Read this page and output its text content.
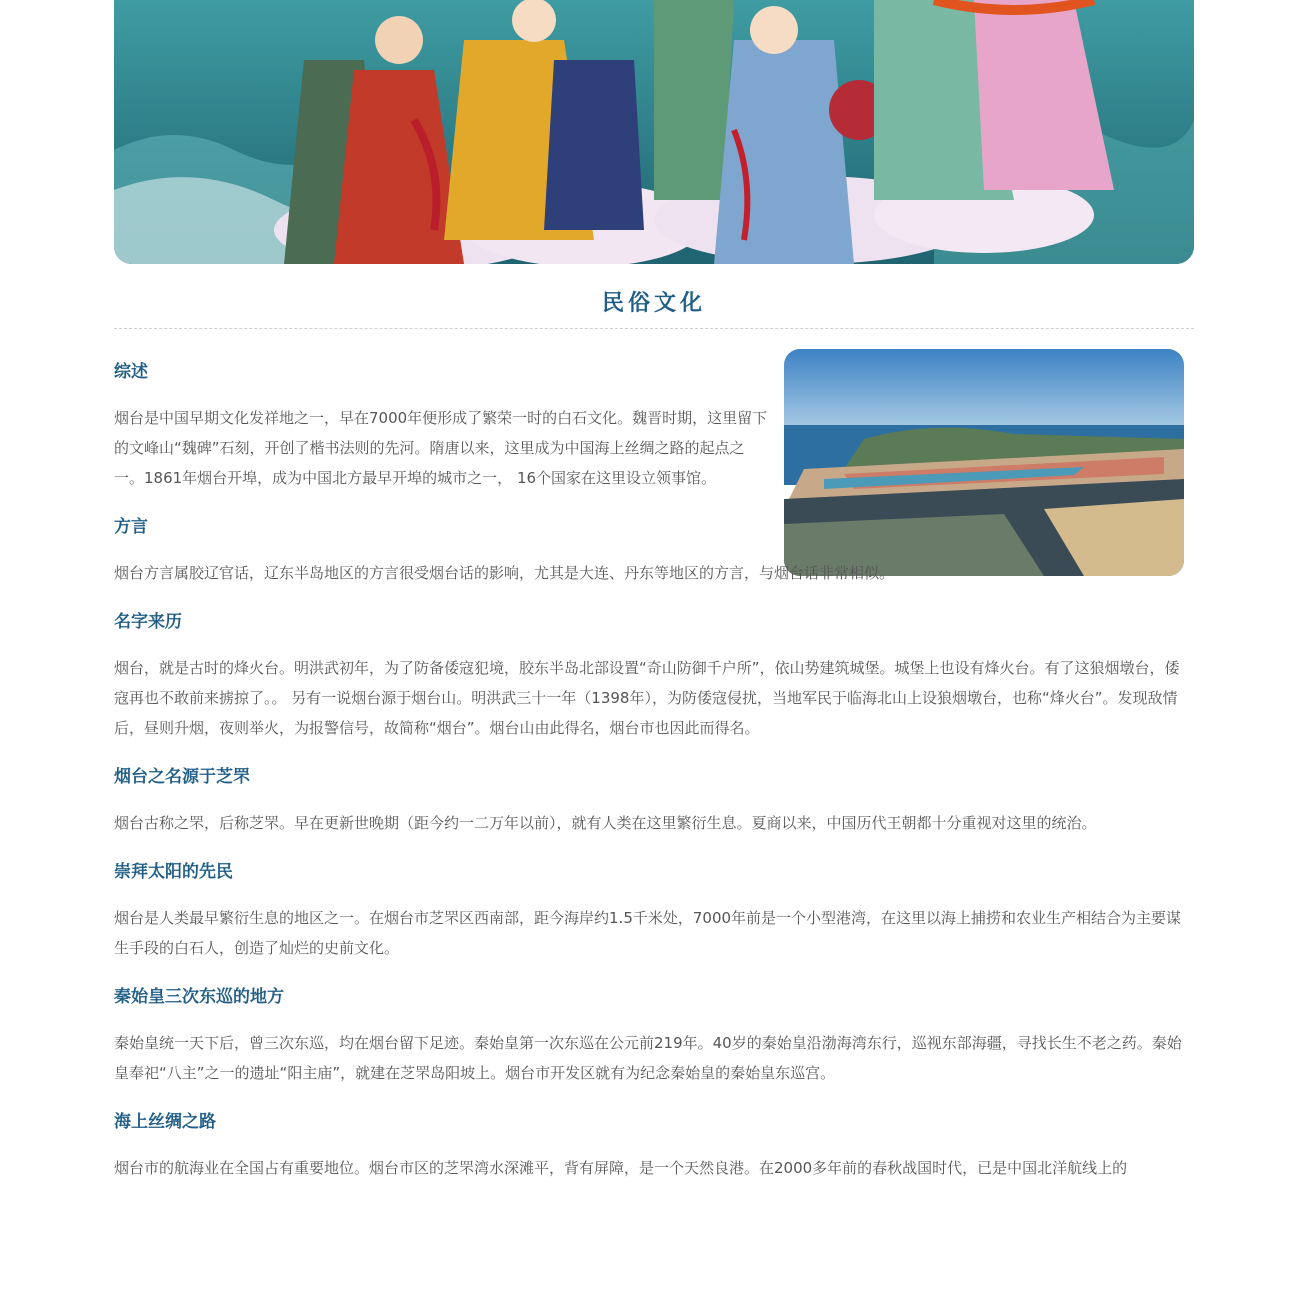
民俗文化
综述

烟台是中国早期文化发祥地之一，早在7000年便形成了繁荣一时的白石文化。魏晋时期，这里留下的文峰山“魏碑”石刻，开创了楷书法则的先河。隋唐以来，这里成为中国海上丝绸之路的起点之一。1861年烟台开埠，成为中国北方最早开埠的城市之一， 16个国家在这里设立领事馆。

方言

烟台方言属胶辽官话，辽东半岛地区的方言很受烟台话的影响，尤其是大连、丹东等地区的方言，与烟台话非常相似。

名字来历

烟台，就是古时的烽火台。明洪武初年，为了防备倭寇犯境，胶东半岛北部设置“奇山防御千户所”，依山势建筑城堡。城堡上也设有烽火台。有了这狼烟墩台，倭寇再也不敢前来掳掠了。。 另有一说烟台源于烟台山。明洪武三十一年（1398年），为防倭寇侵扰，当地军民于临海北山上设狼烟墩台，也称“烽火台”。发现敌情后，昼则升烟，夜则举火，为报警信号，故简称“烟台”。烟台山由此得名，烟台市也因此而得名。

烟台之名源于芝罘

烟台古称之罘，后称芝罘。早在更新世晚期（距今约一二万年以前），就有人类在这里繁衍生息。夏商以来，中国历代王朝都十分重视对这里的统治。

崇拜太阳的先民

烟台是人类最早繁衍生息的地区之一。在烟台市芝罘区西南部，距今海岸约1.5千米处，7000年前是一个小型港湾，在这里以海上捕捞和农业生产相结合为主要谋生手段的白石人，创造了灿烂的史前文化。

秦始皇三次东巡的地方

秦始皇统一天下后，曾三次东巡，均在烟台留下足迹。秦始皇第一次东巡在公元前219年。40岁的秦始皇沿渤海湾东行，巡视东部海疆，寻找长生不老之药。秦始皇奉祀“八主”之一的遗址“阳主庙”，就建在芝罘岛阳坡上。烟台市开发区就有为纪念秦始皇的秦始皇东巡宫。

海上丝绸之路

烟台市的航海业在全国占有重要地位。烟台市区的芝罘湾水深滩平，背有屏障，是一个天然良港。在2000多年前的春秋战国时代，已是中国北洋航线上的
